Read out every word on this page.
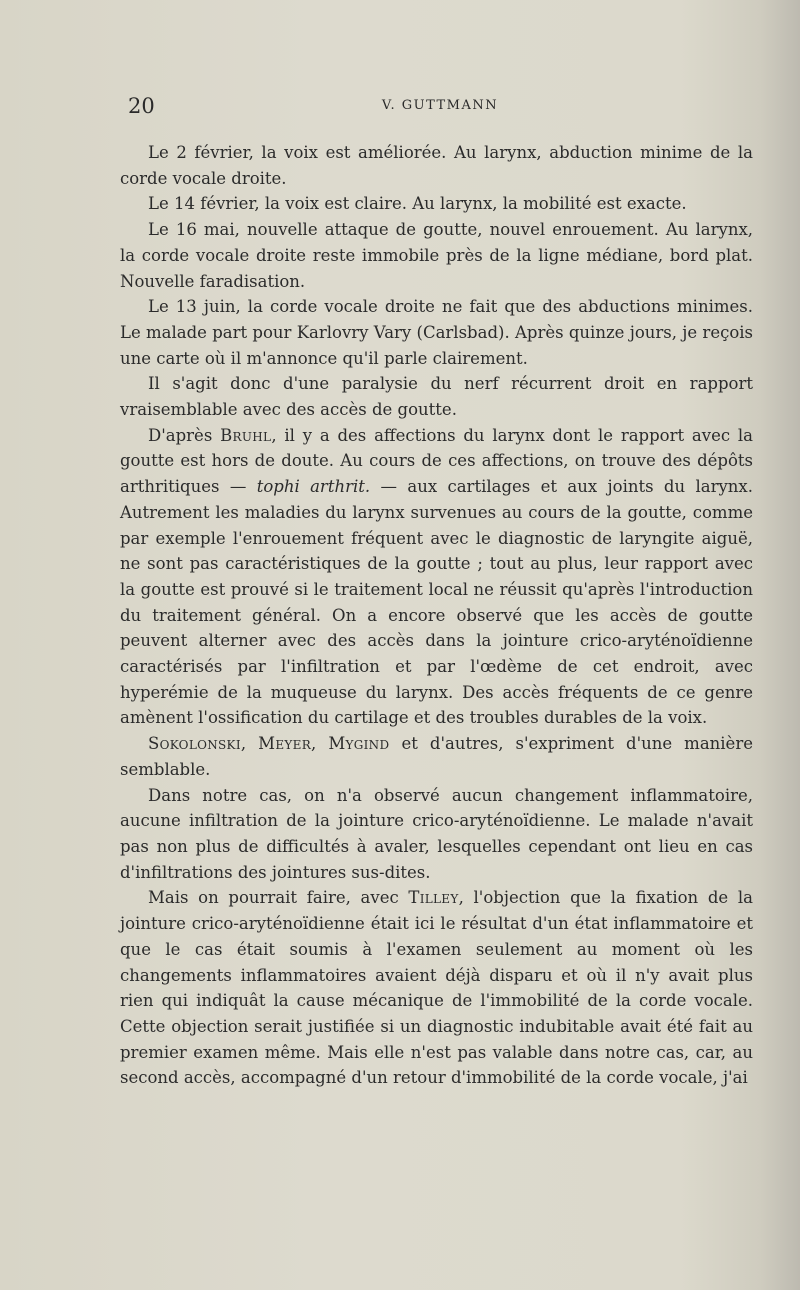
20	V. GUTTMANN

Le 2 février, la voix est améliorée. Au larynx, abduction minime de la corde vocale droite.

Le 14 février, la voix est claire. Au larynx, la mobilité est exacte.

Le 16 mai, nouvelle attaque de goutte, nouvel enrouement. Au larynx, la corde vocale droite reste immobile près de la ligne médiane, bord plat. Nouvelle faradisation.

Le 13 juin, la corde vocale droite ne fait que des abductions minimes. Le malade part pour Karlovry Vary (Carlsbad). Après quinze jours, je reçois une carte où il m'annonce qu'il parle clairement.

Il s'agit donc d'une paralysie du nerf récurrent droit en rapport vraisemblable avec des accès de goutte.

D'après Bruhl, il y a des affections du larynx dont le rapport avec la goutte est hors de doute. Au cours de ces affections, on trouve des dépôts arthritiques — tophi arthrit. — aux cartilages et aux joints du larynx. Autrement les maladies du larynx survenues au cours de la goutte, comme par exemple l'enrouement fréquent avec le diagnostic de laryngite aiguë, ne sont pas caractéristiques de la goutte ; tout au plus, leur rapport avec la goutte est prouvé si le traitement local ne réussit qu'après l'introduction du traitement général. On a encore observé que les accès de goutte peuvent alterner avec des accès dans la jointure crico-aryténoïdienne caractérisés par l'infiltration et par l'œdème de cet endroit, avec hyperémie de la muqueuse du larynx. Des accès fréquents de ce genre amènent l'ossification du cartilage et des troubles durables de la voix.

Sokolonski, Meyer, Mygind et d'autres, s'expriment d'une manière semblable.

Dans notre cas, on n'a observé aucun changement inflammatoire, aucune infiltration de la jointure crico-aryténoïdienne. Le malade n'avait pas non plus de difficultés à avaler, lesquelles cependant ont lieu en cas d'infiltrations des jointures sus-dites.

Mais on pourrait faire, avec Tilley, l'objection que la fixation de la jointure crico-aryténoïdienne était ici le résultat d'un état inflammatoire et que le cas était soumis à l'examen seulement au moment où les changements inflammatoires avaient déjà disparu et où il n'y avait plus rien qui indiquât la cause mécanique de l'immobilité de la corde vocale. Cette objection serait justifiée si un diagnostic indubitable avait été fait au premier examen même. Mais elle n'est pas valable dans notre cas, car, au second accès, accompagné d'un retour d'immobilité de la corde vocale, j'ai
